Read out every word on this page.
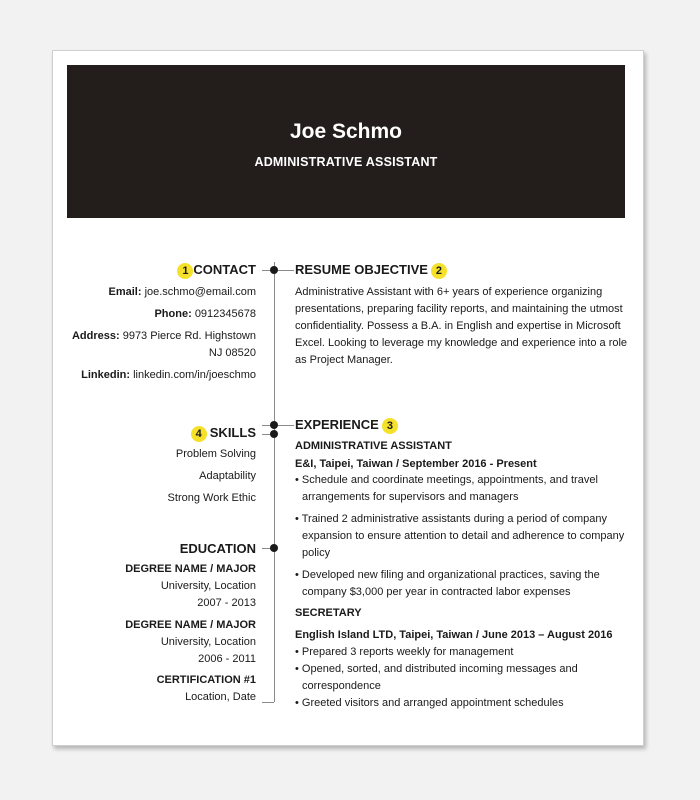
Joe Schmo
ADMINISTRATIVE ASSISTANT
1 CONTACT
Email: joe.schmo@email.com
Phone: 0912345678
Address: 9973 Pierce Rd. Highstown
NJ 08520
Linkedin: linkedin.com/in/joeschmo
4 SKILLS
Problem Solving
Adaptability
Strong Work Ethic
EDUCATION
DEGREE NAME / MAJOR
University, Location
2007 - 2013
DEGREE NAME / MAJOR
University, Location
2006 - 2011
CERTIFICATION #1
Location, Date
RESUME OBJECTIVE 2
Administrative Assistant with 6+ years of experience organizing
presentations, preparing facility reports, and maintaining the utmost
confidentiality. Possess a B.A. in English and expertise in Microsoft
Excel. Looking to leverage my knowledge and experience into a role
as Project Manager.
EXPERIENCE 3
ADMINISTRATIVE ASSISTANT
E&I, Taipei, Taiwan / September 2016 - Present
• Schedule and coordinate meetings, appointments, and travel
arrangements for supervisors and managers
• Trained 2 administrative assistants during a period of company
expansion to ensure attention to detail and adherence to company
policy
• Developed new filing and organizational practices, saving the
company $3,000 per year in contracted labor expenses
SECRETARY
English Island LTD, Taipei, Taiwan / June 2013 – August 2016
• Prepared 3 reports weekly for management
• Opened, sorted, and distributed incoming messages and
correspondence
• Greeted visitors and arranged appointment schedules
